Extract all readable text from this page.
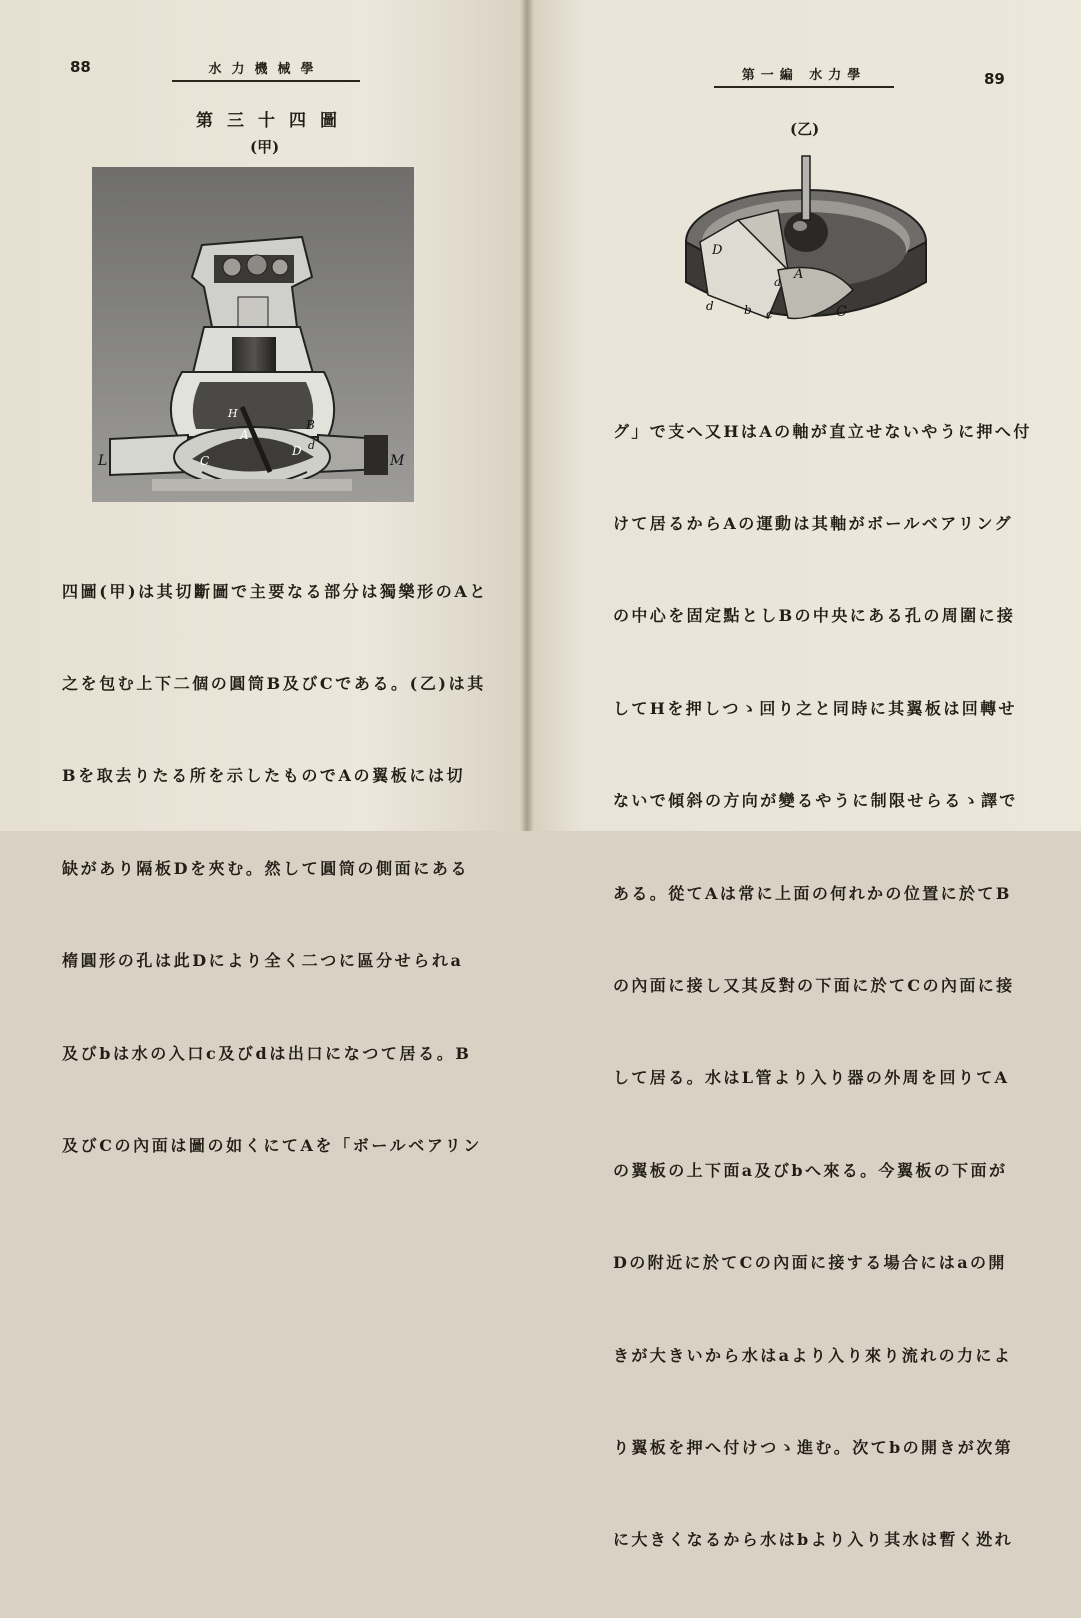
88	水力機械學
第三十四圖
(甲)
L	M
H
A
B
C
D d

四圖(甲)は其切斷圖で主要なる部分は獨樂形のAと

之を包む上下二個の圓筒B及びCである。(乙)は其

Bを取去りたる所を示したものでAの翼板には切

缺があり隔板Dを夾む。然して圓筒の側面にある

楕圓形の孔は此Dにより全く二つに區分せられa

及びbは水の入口c及びdは出口になつて居る。B

及びCの內面は圖の如くにてAを「ボールベアリン

第一編 水力學	89
(乙)
D
A
a
d	b c	C

グ」で支へ又HはAの軸が直立せないやうに押へ付

けて居るからAの運動は其軸がボールベアリング

の中心を固定點としBの中央にある孔の周圍に接

してHを押しつゝ回り之と同時に其翼板は回轉せ

ないで傾斜の方向が變るやうに制限せらるゝ譯で

ある。從てAは常に上面の何れかの位置に於てB

の內面に接し又其反對の下面に於てCの內面に接

して居る。水はL管より入り器の外周を回りてA

の翼板の上下面a及びbへ來る。今翼板の下面が

Dの附近に於てCの內面に接する場合にはaの開

きが大きいから水はaより入り來り流れの力によ

り翼板を押へ付けつゝ進む。次てbの開きが次第

に大きくなるから水はbより入り其水は暫く迯れ
